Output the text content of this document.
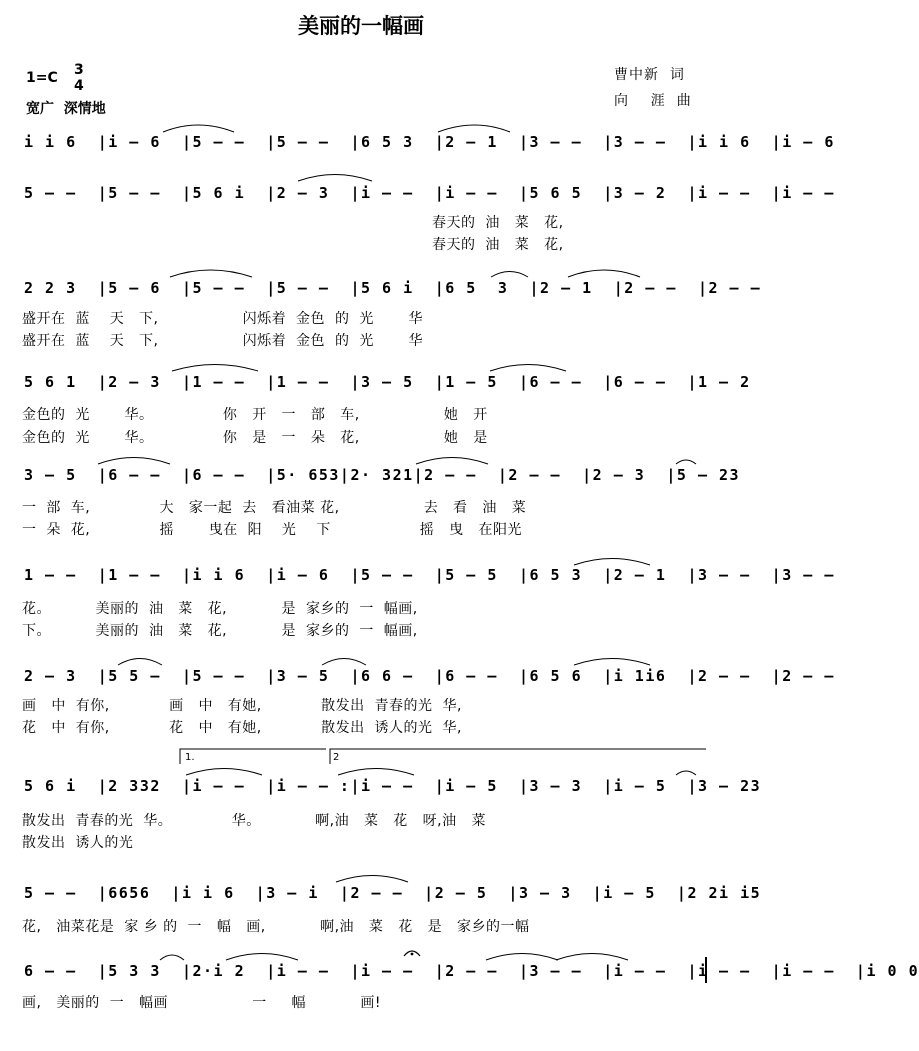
美丽的一幅画
1=C 3
4
宽广  深情地
曹中新  词
向    涯  曲
i i 6  |i – 6  |5 – –  |5 – –  |6 5 3  |2 – 1  |3 – –  |3 – –  |i i 6  |i – 6
5 – –  |5 – –  |5 6 i  |2 – 3  |i – –  |i – –  |5 6 5  |3 – 2  |i – –  |i – –
春天的  油   菜   花,
春天的  油   菜   花,
2 2 3  |5 – 6  |5 – –  |5 – –  |5 6 i  |6 5  3  |2 – 1  |2 – –  |2 – –
盛开在  蓝    天   下,                 闪烁着  金色  的  光       华
盛开在  蓝    天   下,                 闪烁着  金色  的  光       华
5 6 1  |2 – 3  |1 – –  |1 – –  |3 – 5  |1 – 5  |6 – –  |6 – –  |1 – 2
金色的  光       华。              你   开   一   部   车,                 她   开
金色的  光       华。              你   是   一   朵   花,                 她   是
3 – 5  |6 – –  |6 – –  |5· 653|2· 321|2 – –  |2 – –  |2 – 3  |5 – 23
一  部  车,              大   家一起  去   看油菜 花,                 去   看   油   菜
一  朵  花,              摇       曳在  阳    光    下                  摇   曳   在阳光
1 – –  |1 – –  |i i 6  |i – 6  |5 – –  |5 – 5  |6 5 3  |2 – 1  |3 – –  |3 – –
花。         美丽的  油   菜   花,           是  家乡的  一  幅画,
下。         美丽的  油   菜   花,           是  家乡的  一  幅画,
2 – 3  |5 5 –  |5 – –  |3 – 5  |6 6 –  |6 – –  |6 5 6  |i 1i6  |2 – –  |2 – –
画   中  有你,            画   中   有她,            散发出  青春的光  华,
花   中  有你,            花   中   有她,            散发出  诱人的光  华,
1.	2
5 6 i  |2 332  |i – –  |i – – :|i – –  |i – 5  |3 – 3  |i – 5  |3 – 23
散发出  青春的光  华。            华。           啊,油   菜   花   呀,油   菜
散发出  诱人的光
5 – –  |6656  |i i 6  |3 – i  |2 – –  |2 – 5  |3 – 3  |i – 5  |2 2i i5
花,   油菜花是  家 乡 的  一   幅   画,           啊,油   菜   花   是   家乡的一幅
6 – –  |5 3 3  |2·i 2  |i – –  |i – –  |2 – –  |3 – –  |i – –  |i – –  |i – –  |i 0 0
画,   美丽的  一   幅画                 一     幅           画!
